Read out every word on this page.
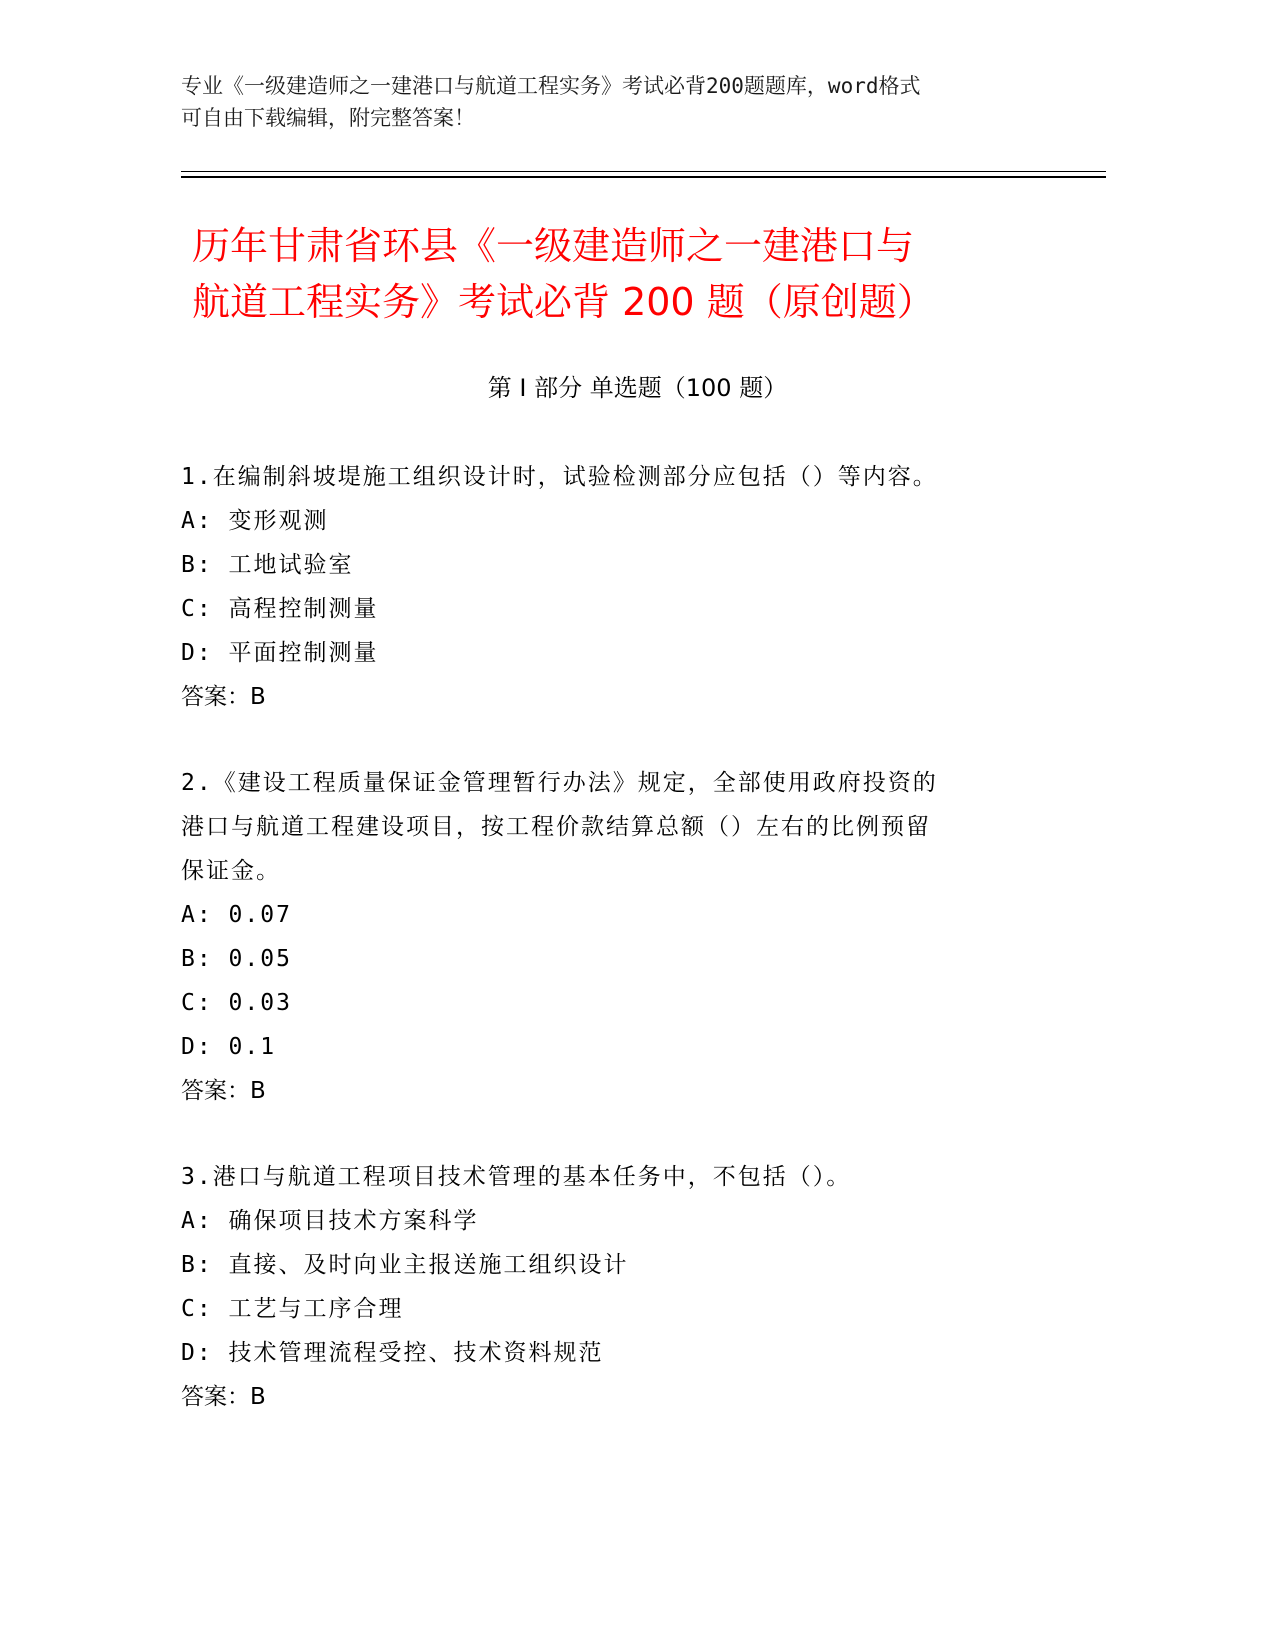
专业《一级建造师之一建港口与航道工程实务》考试必背200题题库，word格式
可自由下载编辑，附完整答案！
历年甘肃省环县《一级建造师之一建港口与
航道工程实务》考试必背 200 题（原创题）
第 I 部分 单选题（100 题）
1.在编制斜坡堤施工组织设计时，试验检测部分应包括（）等内容。
A: 变形观测
B: 工地试验室
C: 高程控制测量
D: 平面控制测量
答案：B
2.《建设工程质量保证金管理暂行办法》规定，全部使用政府投资的
港口与航道工程建设项目，按工程价款结算总额（）左右的比例预留
保证金。
A: 0.07
B: 0.05
C: 0.03
D: 0.1
答案：B
3.港口与航道工程项目技术管理的基本任务中，不包括（）。
A: 确保项目技术方案科学
B: 直接、及时向业主报送施工组织设计
C: 工艺与工序合理
D: 技术管理流程受控、技术资料规范
答案：B
